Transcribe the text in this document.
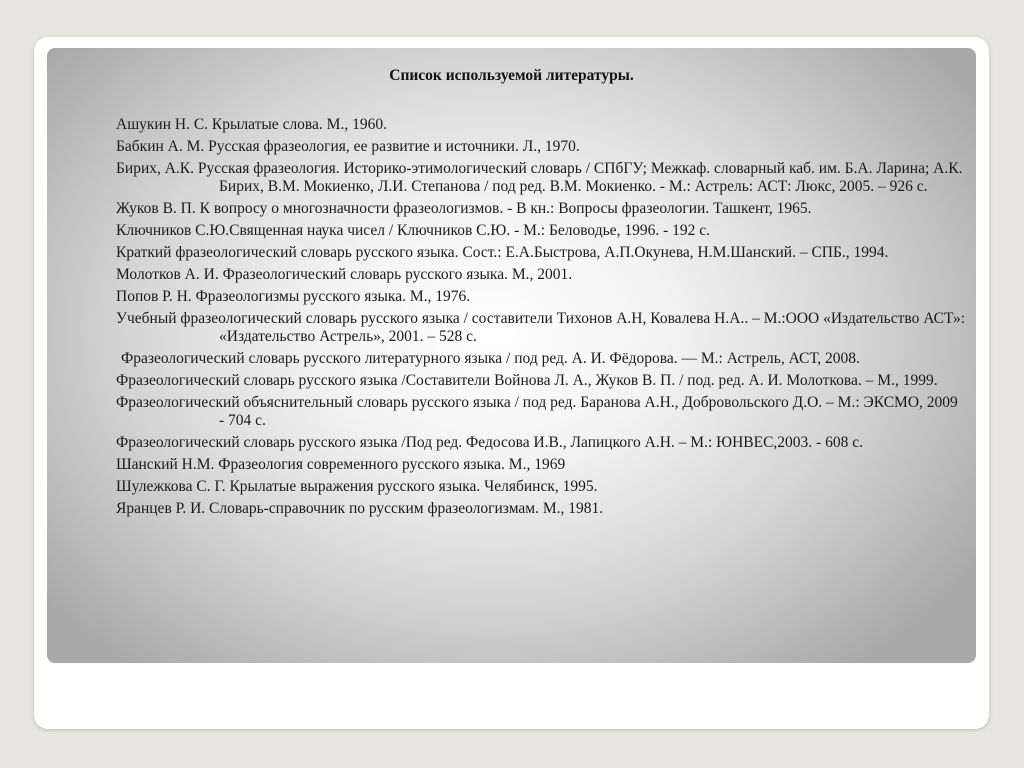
Список используемой литературы.
Ашукин Н. С. Крылатые слова. М., 1960.
Бабкин А. М. Русская фразеология, ее развитие и источники. Л., 1970.
Бирих, А.К. Русская фразеология. Историко-этимологический словарь / СПбГУ; Межкаф. словарный каб. им. Б.А. Ларина; А.К. Бирих, В.М. Мокиенко, Л.И. Степанова / под ред. В.М. Мокиенко. - М.: Астрель: АСТ: Люкс, 2005. – 926 с.
Жуков В. П. К вопросу о многозначности фразеологизмов. - В кн.: Вопросы фразеологии. Ташкент, 1965.
Ключников С.Ю.Священная наука чисел / Ключников С.Ю. - М.: Беловодье, 1996. - 192 с.
Краткий фразеологический словарь русского языка. Сост.: Е.А.Быстрова, А.П.Окунева, Н.М.Шанский. – СПБ., 1994.
Молотков А. И. Фразеологический словарь русского языка. М., 2001.
Попов Р. Н. Фразеологизмы русского языка. М., 1976.
Учебный фразеологический словарь русского языка / составители Тихонов А.Н, Ковалева Н.А.. – М.:ООО «Издательство АСТ»: «Издательство Астрель», 2001. – 528 с.
Фразеологический словарь русского литературного языка / под ред. А. И. Фёдорова. — М.: Астрель, АСТ, 2008.
Фразеологический словарь русского языка /Составители Войнова Л. А., Жуков В. П. / под. ред. А. И. Молоткова. – М., 1999.
Фразеологический объяснительный словарь русского языка / под ред. Баранова А.Н., Добровольского Д.О. – М.: ЭКСМО, 2009 - 704 с.
Фразеологический словарь русского языка /Под ред. Федосова И.В., Лапицкого А.Н. – М.: ЮНВЕС,2003. - 608 с.
Шанский Н.М. Фразеология современного русского языка. М., 1969
Шулежкова С. Г. Крылатые выражения русского языка. Челябинск, 1995.
Яранцев Р. И. Словарь-справочник по русским фразеологизмам. М., 1981.
